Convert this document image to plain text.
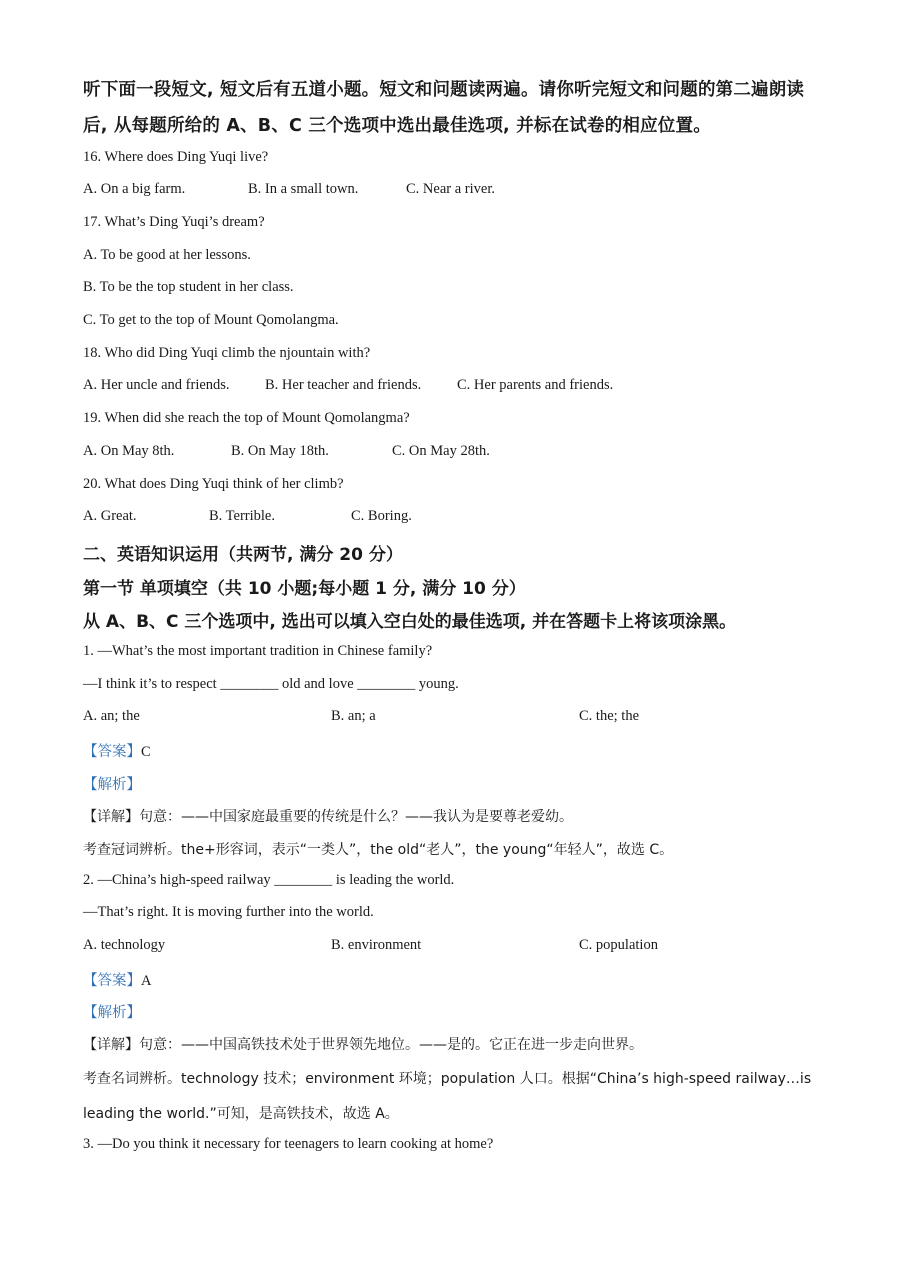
听下面一段短文, 短文后有五道小题。短文和问题读两遍。请你听完短文和问题的第二遍朗读
后, 从每题所给的 A、B、C 三个选项中选出最佳选项, 并标在试卷的相应位置。
16. Where does Ding Yuqi live?
A. On a big farm.	B. In a small town.	C. Near a river.
17. What’s Ding Yuqi’s dream?
A. To be good at her lessons.
B. To be the top student in her class.
C. To get to the top of Mount Qomolangma.
18. Who did Ding Yuqi climb the njountain with?
A. Her uncle and friends. B. Her teacher and friends. C. Her parents and friends.
19. When did she reach the top of Mount Qomolangma?
A. On May 8th.	B. On May 18th.	C. On May 28th.
20. What does Ding Yuqi think of her climb?
A. Great.	B. Terrible.	C. Boring.
二、英语知识运用（共两节, 满分 20 分）
第一节 单项填空（共 10 小题;每小题 1 分, 满分 10 分）
从 A、B、C 三个选项中, 选出可以填入空白处的最佳选项, 并在答题卡上将该项涂黑。
1. —What’s the most important tradition in Chinese family?
—I think it’s to respect ________ old and love ________ young.
A. an; the	B. an; a	C. the; the
【答案】C
【解析】
【详解】句意：——中国家庭最重要的传统是什么？——我认为是要尊老爱幼。
考查冠词辨析。the+形容词，表示“一类人”，the old“老人”，the young“年轻人”，故选 C。
2. —China’s high-speed railway ________ is leading the world.
—That’s right. It is moving further into the world.
A. technology	B. environment	C. population
【答案】A
【解析】
【详解】句意：——中国高铁技术处于世界领先地位。——是的。它正在进一步走向世界。
考查名词辨析。technology 技术；environment 环境；population 人口。根据“China’s high-speed railway…is
leading the world.”可知，是高铁技术，故选 A。
3. —Do you think it necessary for teenagers to learn cooking at home?
